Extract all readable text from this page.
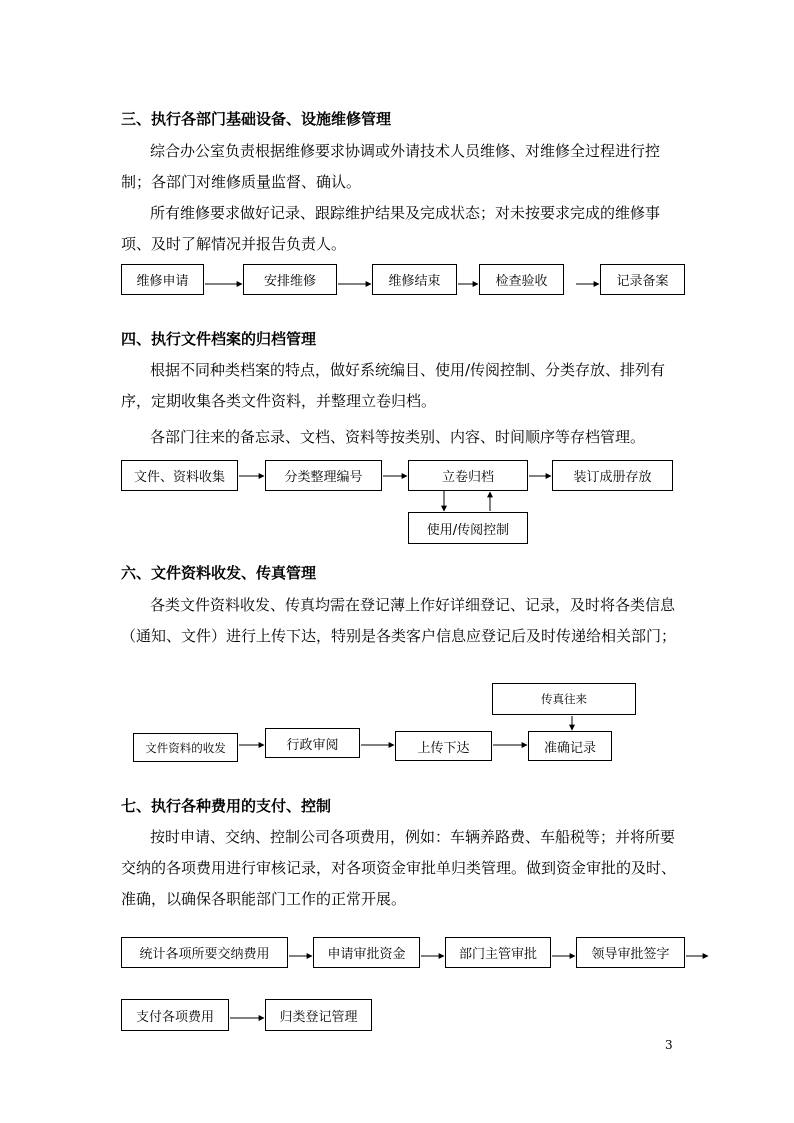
三、执行各部门基础设备、设施维修管理

综合办公室负责根据维修要求协调或外请技术人员维修、对维修全过程进行控制；各部门对维修质量监督、确认。

所有维修要求做好记录、跟踪维护结果及完成状态；对未按要求完成的维修事项、及时了解情况并报告负责人。

维修申请	安排维修	维修结束	检查验收	记录备案
四、执行文件档案的归档管理

根据不同种类档案的特点，做好系统编目、使用/传阅控制、分类存放、排列有序，定期收集各类文件资料，并整理立卷归档。

各部门往来的备忘录、文档、资料等按类别、内容、时间顺序等存档管理。

文件、资料收集	分类整理编号	立卷归档	装订成册存放
使用/传阅控制
六、文件资料收发、传真管理

各类文件资料收发、传真均需在登记薄上作好详细登记、记录，及时将各类信息（通知、文件）进行上传下达，特别是各类客户信息应登记后及时传递给相关部门；

传真往来
文件资料的收发	行政审阅	上传下达	准确记录
七、执行各种费用的支付、控制

按时申请、交纳、控制公司各项费用，例如：车辆养路费、车船税等；并将所要交纳的各项费用进行审核记录，对各项资金审批单归类管理。做到资金审批的及时、准确，以确保各职能部门工作的正常开展。

统计各项所要交纳费用	申请审批资金	部门主管审批	领导审批签字
支付各项费用	归类登记管理
3
